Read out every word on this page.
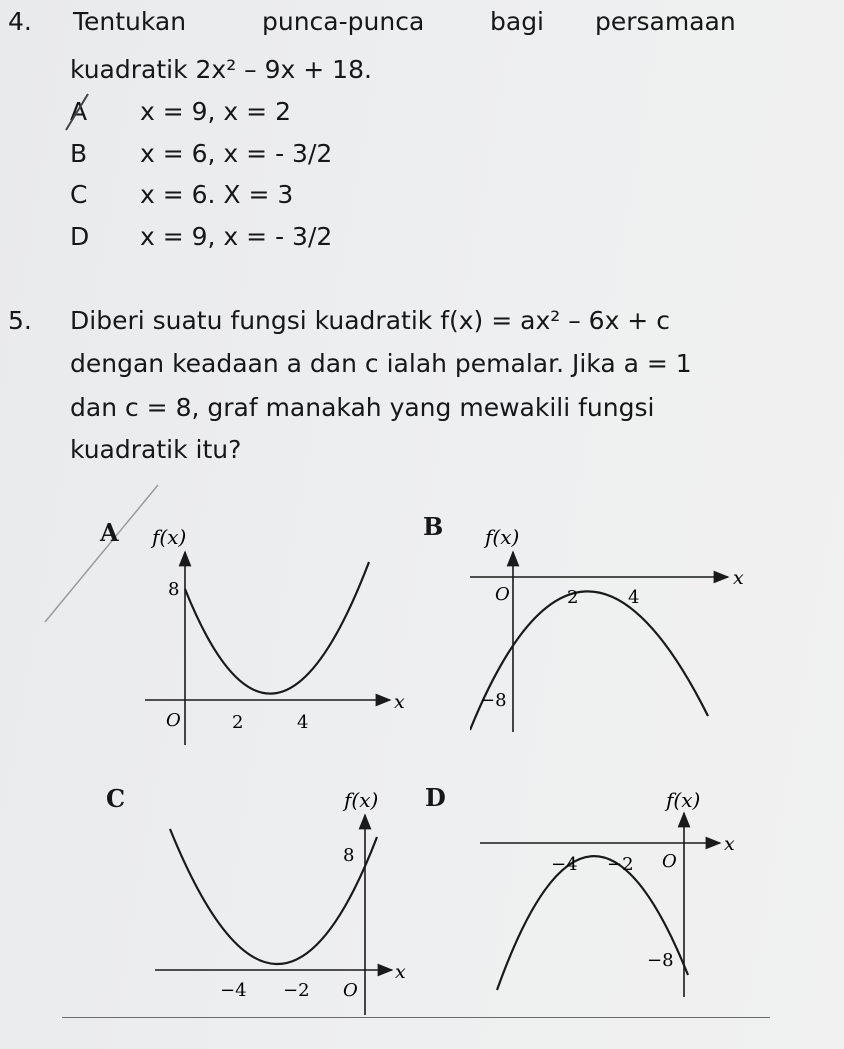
4. Tentukan	punca-punca	bagi persamaan
kuadratik 2x² – 9x + 18.
A x = 9, x = 2
B x = 6, x = - 3/2
C x = 6. X = 3
D x = 9, x = - 3/2
5. Diberi suatu fungsi kuadratik f(x) = ax² – 6x + c
dengan keadaan a dan c ialah pemalar. Jika a = 1
dan c = 8, graf manakah yang mewakili fungsi
kuadratik itu?
A f(x)
x
O
8
2	4
B f(x)
x
O
−8
2	4
C	f(x)
x
O
8
−4 −2
D	f(x)
x
O
−8
−4 −2
